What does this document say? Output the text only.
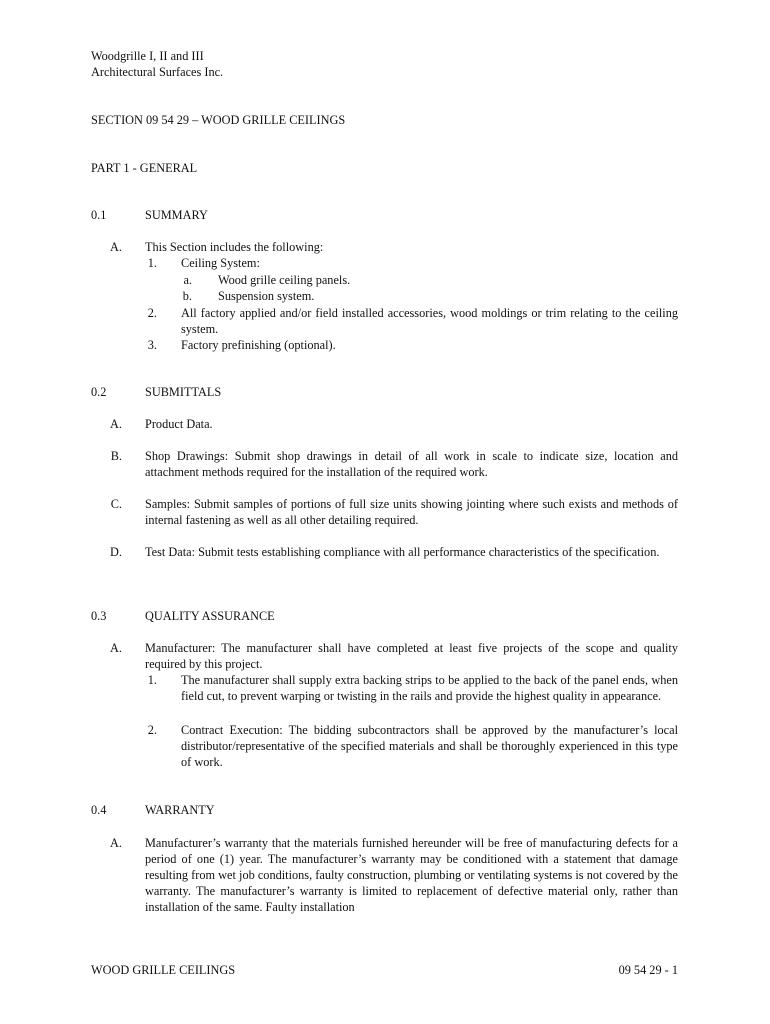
Woodgrille I, II and III
Architectural Surfaces Inc.
SECTION 09 54 29 – WOOD GRILLE CEILINGS
PART 1 - GENERAL
0.1	SUMMARY
A. This Section includes the following:
1. Ceiling System:
a. Wood grille ceiling panels.
b. Suspension system.
2. All factory applied and/or field installed accessories, wood moldings or trim relating to the ceiling system.
3. Factory prefinishing (optional).
0.2	SUBMITTALS
A. Product Data.
B. Shop Drawings: Submit shop drawings in detail of all work in scale to indicate size, location and attachment methods required for the installation of the required work.
C. Samples: Submit samples of portions of full size units showing jointing where such exists and methods of internal fastening as well as all other detailing required.
D. Test Data: Submit tests establishing compliance with all performance characteristics of the specification.
0.3	QUALITY ASSURANCE
A. Manufacturer: The manufacturer shall have completed at least five projects of the scope and quality required by this project.
1. The manufacturer shall supply extra backing strips to be applied to the back of the panel ends, when field cut, to prevent warping or twisting in the rails and provide the highest quality in appearance.
2. Contract Execution: The bidding subcontractors shall be approved by the manufacturer’s local distributor/representative of the specified materials and shall be thoroughly experienced in this type of work.
0.4	WARRANTY
A. Manufacturer’s warranty that the materials furnished hereunder will be free of manufacturing defects for a period of one (1) year. The manufacturer’s warranty may be conditioned with a statement that damage resulting from wet job conditions, faulty construction, plumbing or ventilating systems is not covered by the warranty. The manufacturer’s warranty is limited to replacement of defective material only, rather than installation of the same. Faulty installation
WOOD GRILLE CEILINGS	09 54 29 - 1
